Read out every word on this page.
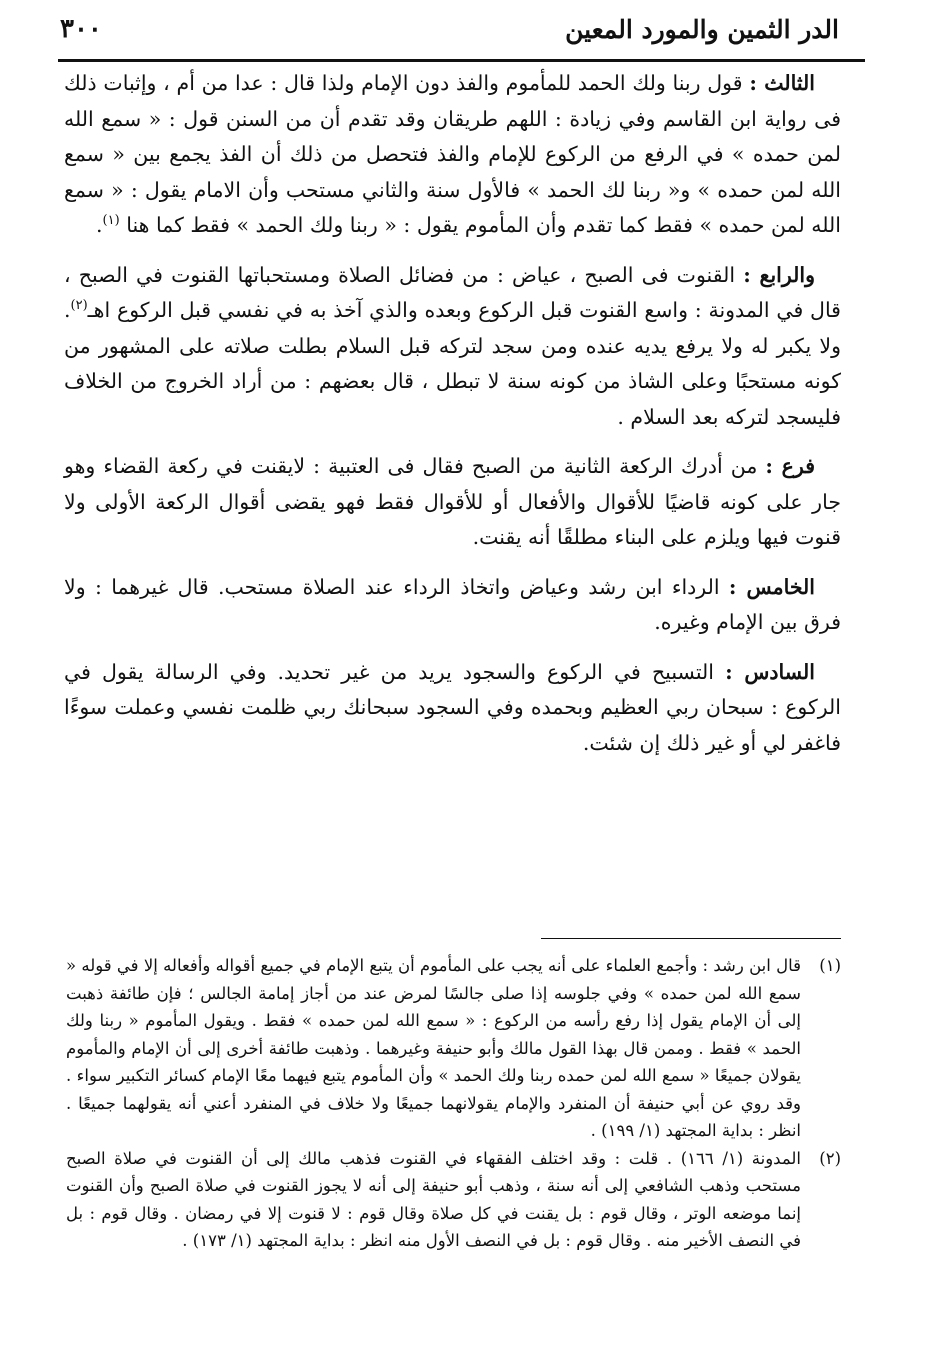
الدر الثمين والمورد المعين
٣٠٠

الثالث : قول ربنا ولك الحمد للمأموم والفذ دون الإمام ولذا قال : عدا من أم ، وإثبات ذلك فى رواية ابن القاسم وفي زيادة : اللهم طريقان وقد تقدم أن من السنن قول : « سمع الله لمن حمده » في الرفع من الركوع للإمام والفذ فتحصل من ذلك أن الفذ يجمع بين « سمع الله لمن حمده » و« ربنا لك الحمد » فالأول سنة والثاني مستحب وأن الامام يقول : « سمع الله لمن حمده » فقط كما تقدم وأن المأموم يقول : « ربنا ولك الحمد » فقط كما هنا $^{(١)}$.

والرابع : القنوت فى الصبح ، عياض : من فضائل الصلاة ومستحباتها القنوت في الصبح ، قال في المدونة : واسع القنوت قبل الركوع وبعده والذي آخذ به في نفسي قبل الركوع اهـ$^{(٢)}$. ولا يكبر له ولا يرفع يديه عنده ومن سجد لتركه قبل السلام بطلت صلاته على المشهور من كونه مستحبًا وعلى الشاذ من كونه سنة لا تبطل ، قال بعضهم : من أراد الخروج من الخلاف فليسجد لتركه بعد السلام .

فرع : من أدرك الركعة الثانية من الصبح فقال فى العتبية : لايقنت في ركعة القضاء وهو جار على كونه قاضيًا للأقوال والأفعال أو للأقوال فقط فهو يقضى أقوال الركعة الأولى ولا قنوت فيها ويلزم على البناء مطلقًا أنه يقنت.

الخامس : الرداء ابن رشد وعياض واتخاذ الرداء عند الصلاة مستحب. قال غيرهما : ولا فرق بين الإمام وغيره.

السادس : التسبيح في الركوع والسجود يريد من غير تحديد. وفي الرسالة يقول في الركوع : سبحان ربي العظيم وبحمده وفي السجود سبحانك ربي ظلمت نفسي وعملت سوءًا فاغفر لي أو غير ذلك إن شئت.

(١)
قال ابن رشد : وأجمع العلماء على أنه يجب على المأموم أن يتبع الإمام في جميع أقواله وأفعاله إلا في قوله « سمع الله لمن حمده » وفي جلوسه إذا صلى جالسًا لمرض عند من أجاز إمامة الجالس ؛ فإن طائفة ذهبت إلى أن الإمام يقول إذا رفع رأسه من الركوع : « سمع الله لمن حمده » فقط . ويقول المأموم « ربنا ولك الحمد » فقط . وممن قال بهذا القول مالك وأبو حنيفة وغيرهما . وذهبت طائفة أخرى إلى أن الإمام والمأموم يقولان جميعًا « سمع الله لمن حمده ربنا ولك الحمد » وأن المأموم يتبع فيهما معًا الإمام كسائر التكبير سواء . وقد روي عن أبي حنيفة أن المنفرد والإمام يقولانهما جميعًا ولا خلاف في المنفرد أعني أنه يقولهما جميعًا . انظر : بداية المجتهد (١/ ١٩٩) .
(٢)
المدونة (١/ ١٦٦) . قلت : وقد اختلف الفقهاء في القنوت فذهب مالك إلى أن القنوت في صلاة الصبح مستحب وذهب الشافعي إلى أنه سنة ، وذهب أبو حنيفة إلى أنه لا يجوز القنوت في صلاة الصبح وأن القنوت إنما موضعه الوتر ، وقال قوم : بل يقنت في كل صلاة وقال قوم : لا قنوت إلا في رمضان . وقال قوم : بل في النصف الأخير منه . وقال قوم : بل في النصف الأول منه انظر : بداية المجتهد (١/ ١٧٣) .
